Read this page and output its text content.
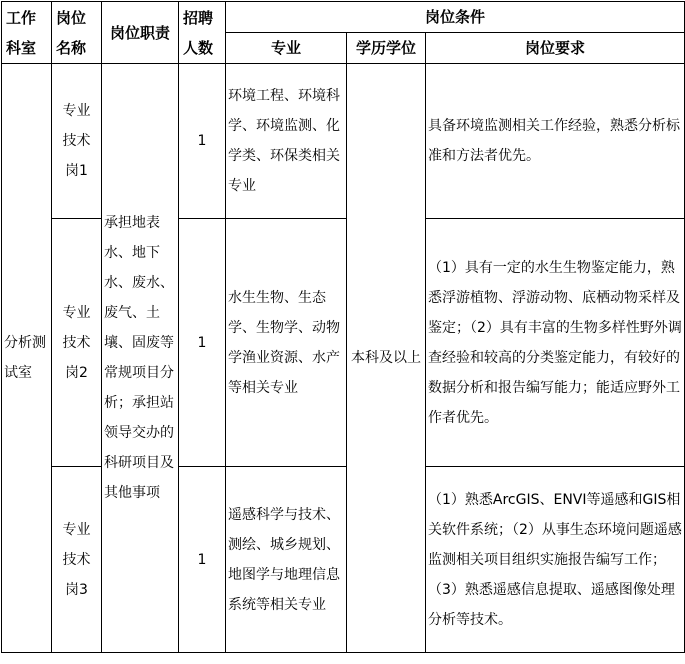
工作科室	岗位名称	岗位职责	招聘人数	岗位条件		
				专业	学历学位	岗位要求
分析测试室	专业技术岗1	承担地表水、地下水、废水、废气、土壤、固废等常规项目分析；承担站领导交办的科研项目及其他事项	1	环境工程、环境科学、环境监测、化学类、环保类相关专业	本科及以上	具备环境监测相关工作经验，熟悉分析标准和方法者优先。
	专业技术岗2		1	水生生物、生态学、生物学、动物学渔业资源、水产等相关专业		（1）具有一定的水生生物鉴定能力，熟悉浮游植物、浮游动物、底栖动物采样及鉴定；（2）具有丰富的生物多样性野外调查经验和较高的分类鉴定能力，有较好的数据分析和报告编写能力；能适应野外工作者优先。
	专业技术岗3		1	遥感科学与技术、测绘、城乡规划、地图学与地理信息系统等相关专业		（1）熟悉ArcGIS、ENVI等遥感和GIS相关软件系统；（2）从事生态环境问题遥感监测相关项目组织实施报告编写工作；（3）熟悉遥感信息提取、遥感图像处理分析等技术。
